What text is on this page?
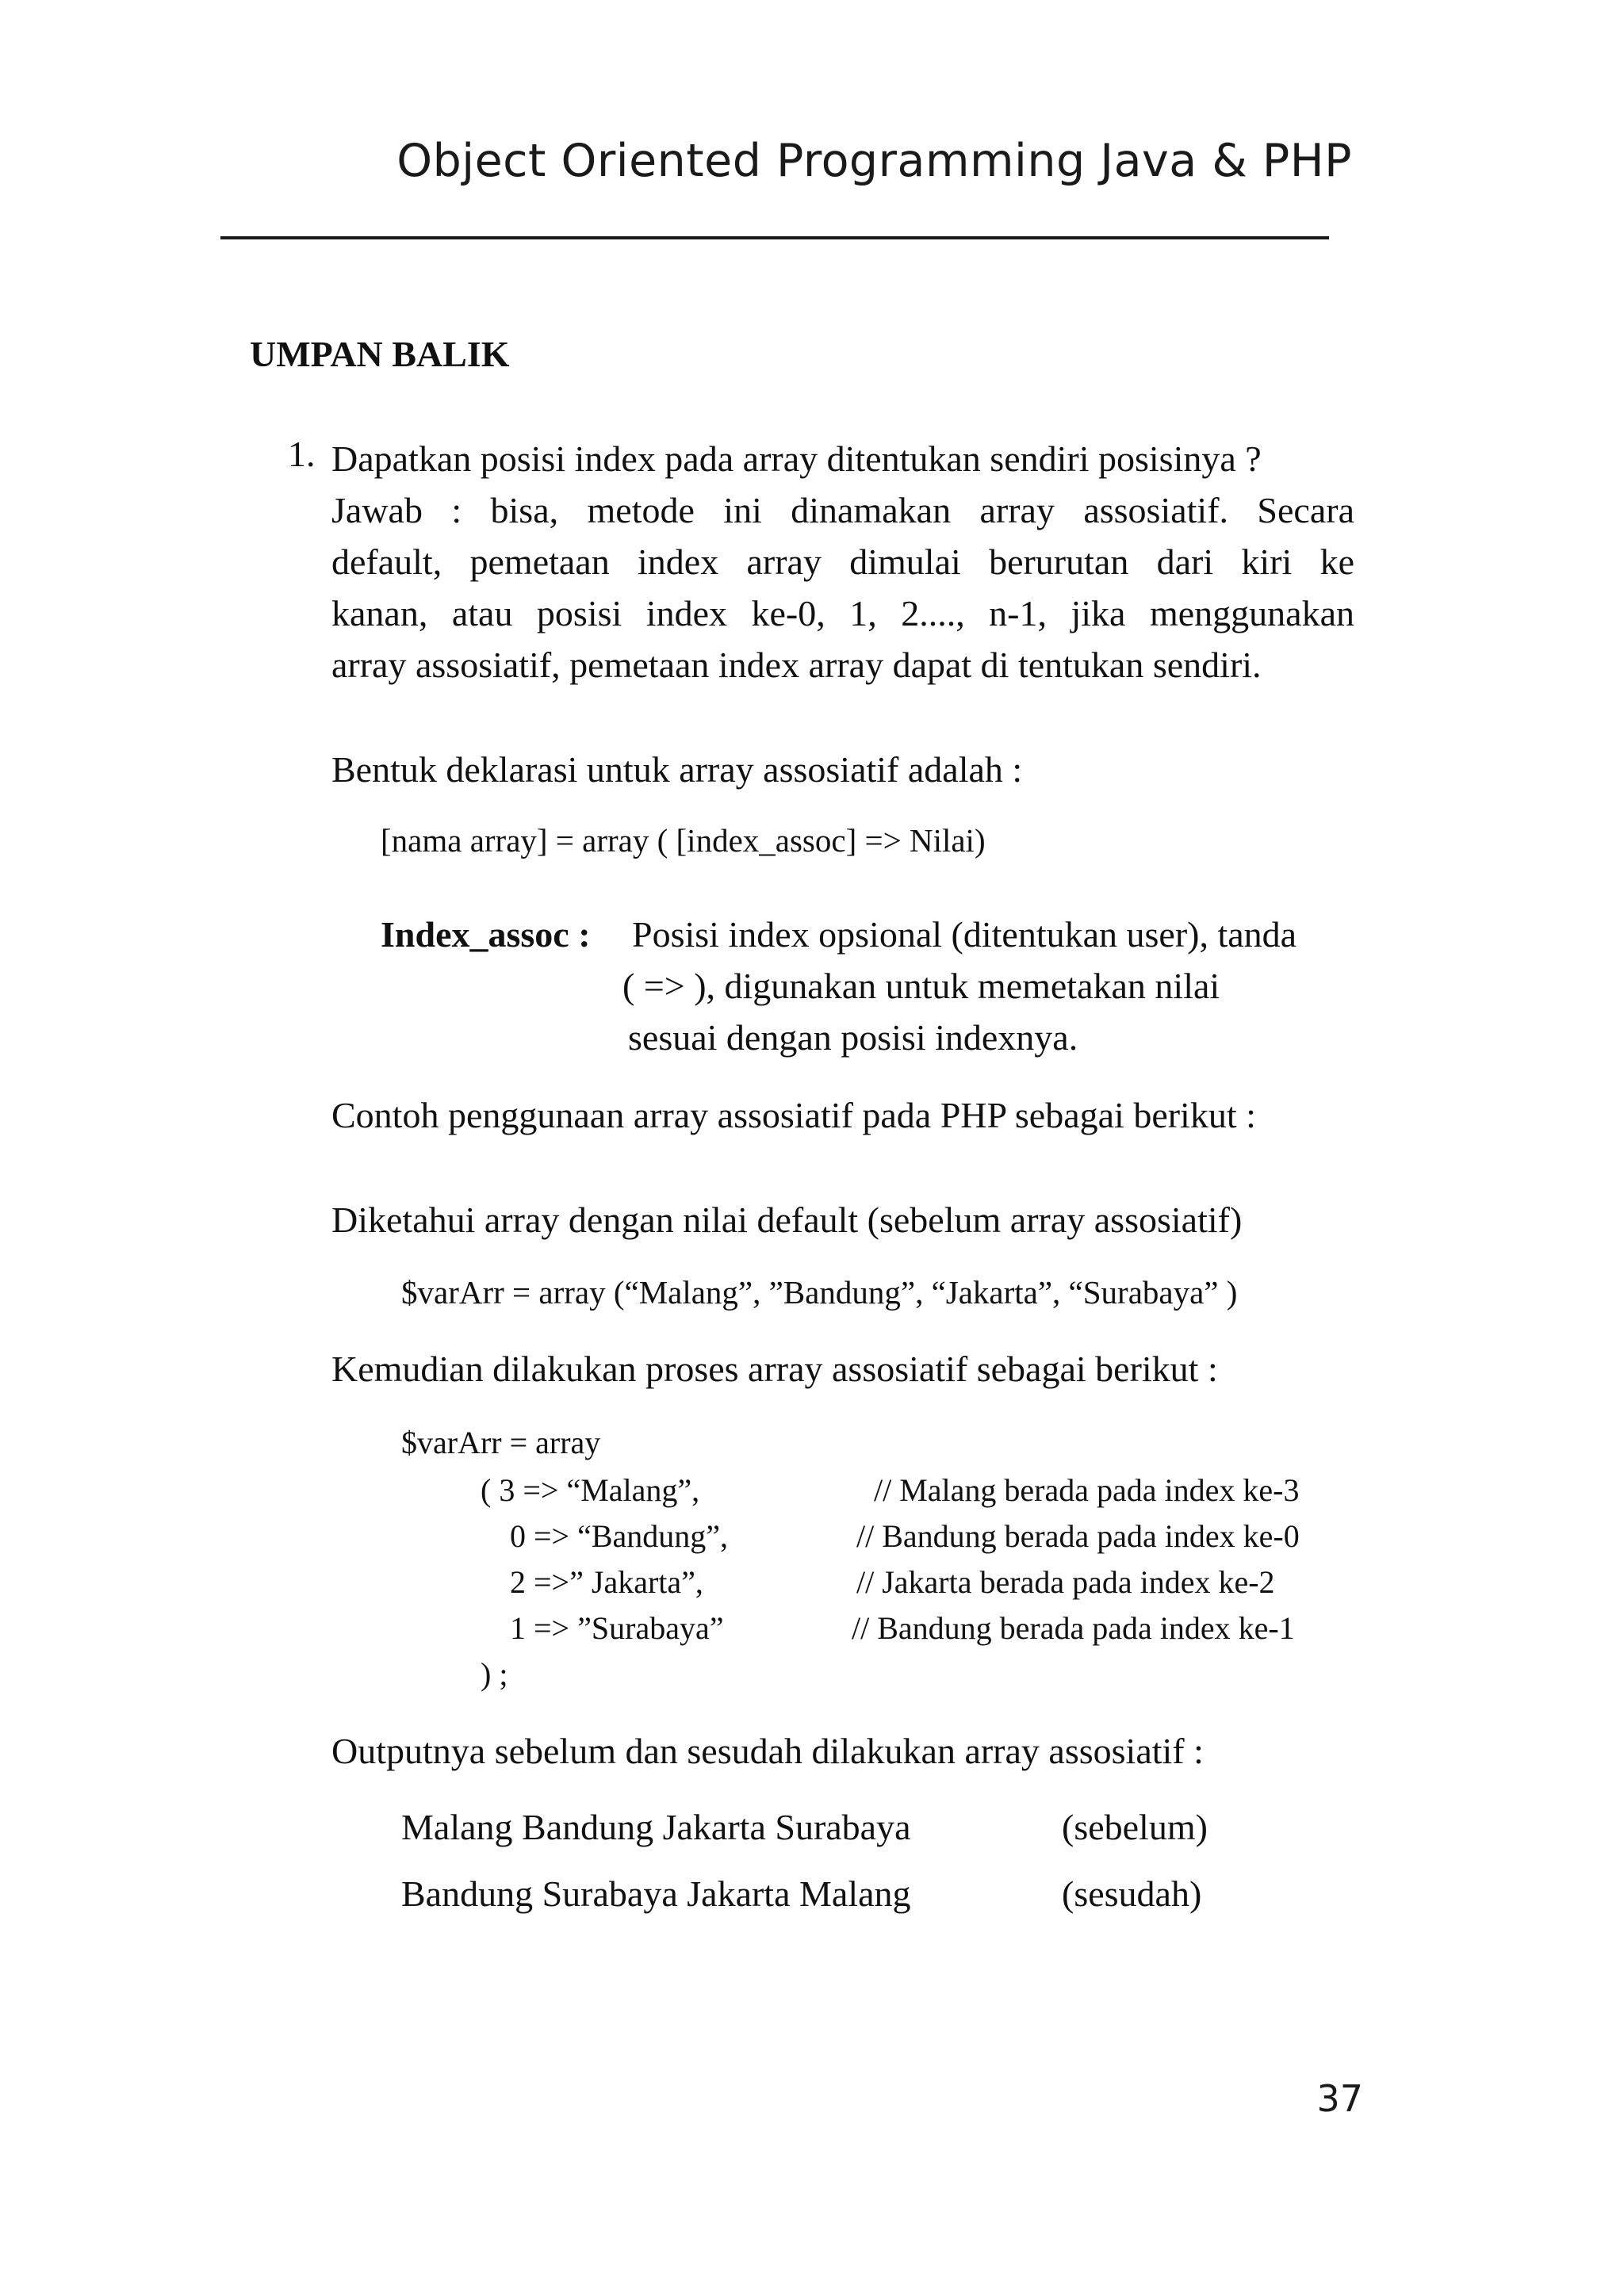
Object Oriented Programming Java & PHP
UMPAN BALIK
1. Dapatkan posisi index pada array ditentukan sendiri posisinya ?
Jawab : bisa, metode ini dinamakan array assosiatif. Secara
default, pemetaan index array dimulai berurutan dari kiri ke
kanan, atau posisi index ke-0, 1, 2...., n-1, jika menggunakan
array assosiatif, pemetaan index array dapat di tentukan sendiri.
Bentuk deklarasi untuk array assosiatif adalah :
[nama array] = array ( [index_assoc] => Nilai)
Index_assoc : Posisi index opsional (ditentukan user), tanda
( => ), digunakan untuk memetakan nilai
sesuai dengan posisi indexnya.
Contoh penggunaan array assosiatif pada PHP sebagai berikut :
Diketahui array dengan nilai default (sebelum array assosiatif)
$varArr = array (“Malang”, ”Bandung”, “Jakarta”, “Surabaya” )
Kemudian dilakukan proses array assosiatif sebagai berikut :
$varArr = array
( 3 => “Malang”,	// Malang berada pada index ke-3
0 => “Bandung”,	// Bandung berada pada index ke-0
2 =>” Jakarta”,	// Jakarta berada pada index ke-2
1 => ”Surabaya”	// Bandung berada pada index ke-1
) ;
Outputnya sebelum dan sesudah dilakukan array assosiatif :
Malang Bandung Jakarta Surabaya	(sebelum)
Bandung Surabaya Jakarta Malang	(sesudah)
37
